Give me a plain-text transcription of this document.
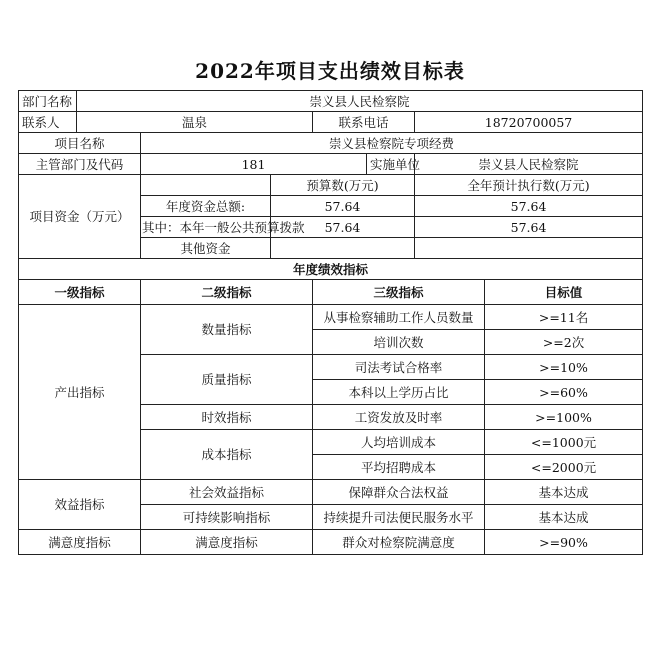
2022年项目支出绩效目标表
部门名称	崇义县人民检察院						
联系人	温泉			联系电话		18720700057	
项目名称		崇义县检察院专项经费					
主管部门及代码		181			实施单位	崇义县人民检察院	
项目资金（万元）			预算数(万元)			全年预计执行数(万元)	
		年度资金总额:	57.64			57.64	
		其中：本年一般公共预算拨款	57.64			57.64	
		其他资金					
年度绩效指标							
一级指标		二级指标		三级指标			目标值
产出指标		数量指标		从事检察辅助工作人员数量			>=11名
				培训次数			>=2次
		质量指标		司法考试合格率			>=10%
				本科以上学历占比			>=60%
		时效指标		工资发放及时率			>=100%
		成本指标		人均培训成本			<=1000元
				平均招聘成本			<=2000元
效益指标		社会效益指标		保障群众合法权益			基本达成
		可持续影响指标		持续提升司法便民服务水平			基本达成
满意度指标		满意度指标		群众对检察院满意度			>=90%
